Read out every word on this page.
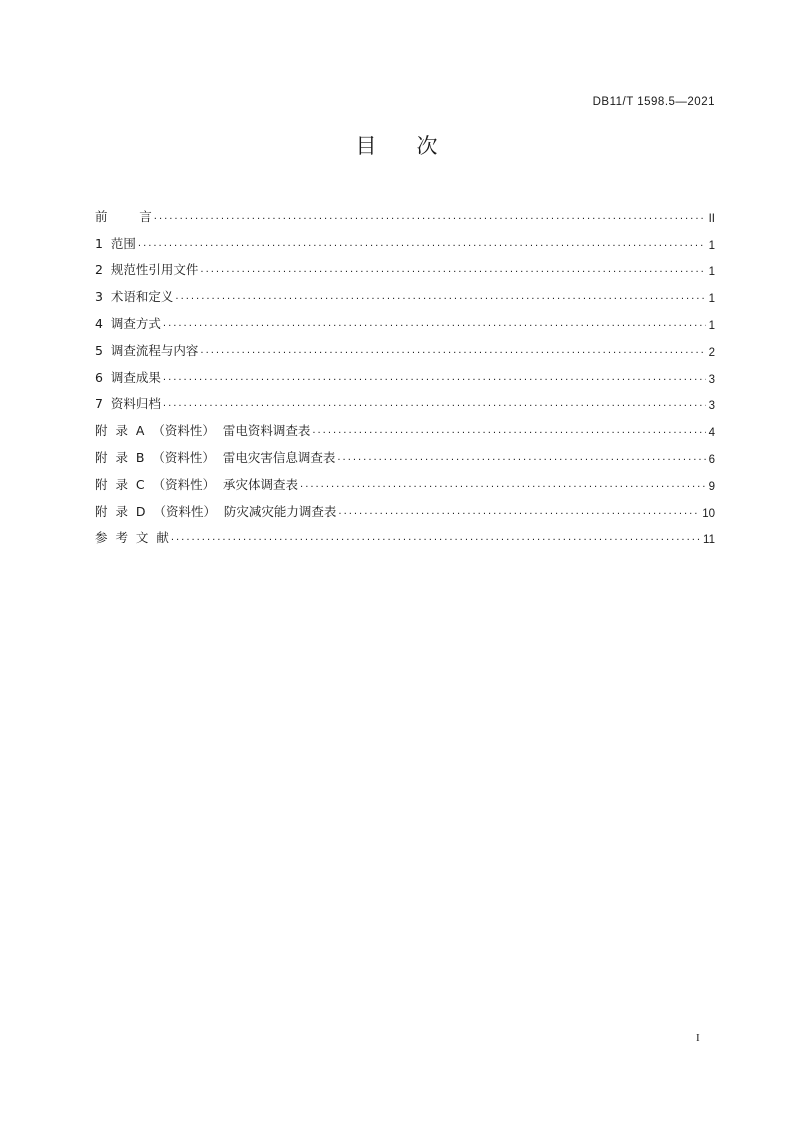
DB11/T 1598.5—2021
目次
前        言 . . .	II
1  范围 . . .	1
2  规范性引用文件 . . .	1
3  术语和定义 . . .	1
4  调查方式 . . .	1
5  调查流程与内容 . . .	2
6  调查成果 . . .	3
7  资料归档 . . .	3
附  录  A  （资料性）  雷电资料调查表 . . .	4
附  录  B  （资料性）  雷电灾害信息调查表 . . .	6
附  录  C  （资料性）  承灾体调查表 . . .	9
附  录  D  （资料性）  防灾减灾能力调查表 . . .	10
参  考  文  献 . . .	11
I
